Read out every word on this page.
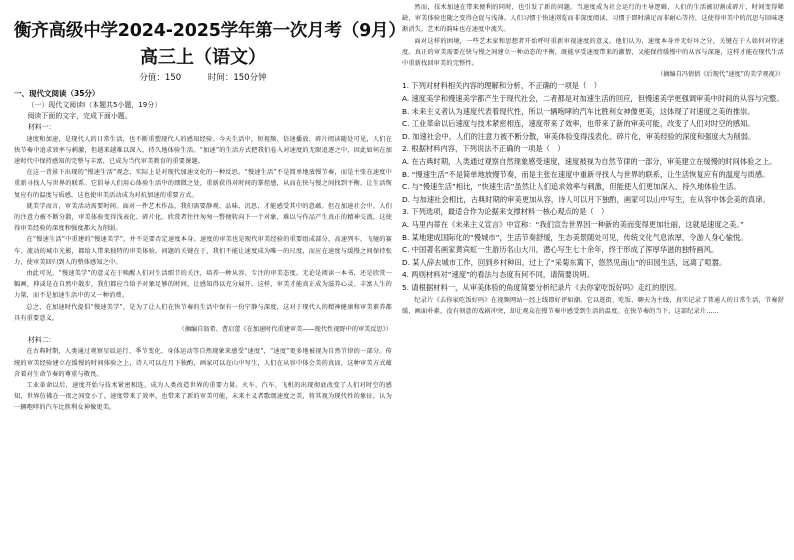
衡齐高级中学2024-2025学年第一次月考（9月）
高三上（语文）
分值：150	时间：150分钟
一、现代文阅读（35分）

（一）现代文阅读Ⅰ（本题共5小题，19分）

阅读下面的文字，完成下面小题。

材料一：

速度和加速，是现代人的日常生活，也不断重塑现代人的感知经验。今天生活中，短视频、倍速播放、碎片阅读随处可见，人们在快节奏中追求效率与刺激，但越来越难以深入、持久地体验生活。“加速”的生活方式把我们卷入对速度的无限追逐之中，因此如何在加速时代中保持感知的完整与丰富，已成为当代审美教育的重要课题。

在这一背景下出现的“慢速生活”观念，实际上是对现代加速文化的一种反思。“慢速生活”不是简单地放慢节奏，而是主张在速度中重新寻找人与世界的联系。它倡导人们用心体验生活中的细微之处，重新获得对时间的掌控感，从而在快与慢之间找到平衡，让生活恢复应有的温度与质感，这也使审美活动成为对抗加速的重要方式。

就美学而言，审美活动需要时间。面对一件艺术作品，我们需要静观、品味、沉思，才能感受其中的意蕴。但在加速社会中，人们的注意力被不断分散，审美体验变得浅表化、碎片化。欣赏者往往匆匆一瞥便转向下一个对象，难以与作品产生真正的精神交流，这使得审美经验的深度和强度都大为削弱。

在“慢速生活”中重建的“慢速美学”，并不是要否定速度本身。速度的审美也是现代审美经验的重要组成部分，高速列车、飞驰的赛车、流动的城市光影，都给人带来独特的审美体验。问题的关键在于，我们不能让速度成为唯一的尺度，而应在速度与缓慢之间保持张力，使审美回归到人的整体感知之中。

由此可见，“慢速美学”的意义在于唤醒人们对生活细节的关注，培养一种从容、专注的审美态度。无论是阅读一本书，还是欣赏一幅画，抑或是在自然中散步，我们都应当给予对象足够的时间，让感知得以充分展开。这样，审美才能真正成为滋养心灵、丰富人生的力量，而不是加速生活中的又一种消费。

总之，在加速时代提倡“慢速美学”，是为了让人们在快节奏的生活中保有一份宁静与深度，这对于现代人的精神健康和审美素养都具有重要意义。

（摘编自翁希、曹启蕾《在加速时代重建审美——现代性视野中的审美反思》）

材料二：

在古典时期，人类通过观察星辰运行、季节变化、身体运动等自然现象来感受“速度”，“速度”更多地被视为自然节律的一部分。传统的审美经验建立在缓慢的时间体验之上，诗人可以在月下独酌，画家可以在山中写生，人们在从容中体会美的真谛，这种审美方式蕴含着对生命节奏的尊重与敬畏。

工业革命以后，速度开始与技术紧密相连，成为人类改造世界的重要力量。火车、汽车、飞机的出现彻底改变了人们对时空的感知，世界仿佛在一夜之间变小了。速度带来了效率，也带来了新的审美可能，未来主义者歌颂速度之美，将其视为现代性的象征，认为一辆咆哮的汽车比胜利女神像更美。

然而，技术加速在带来便利的同时，也引发了新的问题。当速度成为社会运行的主导逻辑，人们的生活被切割成碎片，时间变得稀缺，审美体验也随之变得仓促与浅薄。人们习惯于快速浏览而非深度阅读，习惯于即时满足而非耐心等待，这使得审美中的沉思与回味逐渐消失，艺术的韵味也在速度中流失。

面对这样的困境，一些艺术家和思想者开始呼吁重新审视速度的意义。他们认为，速度本身并无好坏之分，关键在于人如何对待速度。真正的审美需要在快与慢之间建立一种动态的平衡，既能享受速度带来的激情，又能保持缓慢中的从容与深邃，这样才能在现代生活中重新找回审美的完整性。

（摘编自冯倩倩《后现代“速度”的美学观视》）

1. 下列对材料相关内容的理解和分析，不正确的一项是（　）

A. 速度美学和慢速美学都产生于现代社会，二者都是对加速生活的回应，但慢速美学更强调审美中时间的从容与完整。

B. 未来主义者认为速度代表着现代性，所以一辆咆哮的汽车比胜利女神像更美，这体现了对速度之美的推崇。

C. 工业革命以后速度与技术紧密相连，速度带来了效率，也带来了新的审美可能，改变了人们对时空的感知。

D. 加速社会中，人们的注意力被不断分散，审美体验变得浅表化、碎片化，审美经验的深度和强度大为削弱。

2. 根据材料内容，下列说法不正确的一项是（　）

A. 在古典时期，人类通过观察自然现象感受速度，速度被视为自然节律的一部分，审美建立在缓慢的时间体验之上。

B. “慢速生活”不是简单地放慢节奏，而是主张在速度中重新寻找人与世界的联系，让生活恢复应有的温度与质感。

C. 与“慢速生活”相比，“快速生活”虽然让人们追求效率与刺激，但能使人们更加深入、持久地体验生活。

D. 与加速社会相比，古典时期的审美更加从容，诗人可以月下独酌，画家可以山中写生，在从容中体会美的真谛。

3. 下列选项，最适合作为论据来支撑材料一核心观点的是（　）

A. 马里内蒂在《未来主义宣言》中宣称：“我们宣告世界因一种新的美而变得更加壮丽，这就是速度之美。”

B. 某地建成国际化的“慢城市”，生活节奏舒缓，生态美景随处可见，传统文化气息浓厚，令游人身心愉悦。

C. 中国著名画家黄宾虹一生游历名山大川，潜心写生七十余年，终于形成了浑厚华滋的独特画风。

D. 某人辞去城市工作，回到乡村种田，过上了“采菊东篱下，悠然见南山”的田园生活，远离了喧嚣。

4. 两则材料对“速度”的看法与态度有何不同，请简要说明。

5. 请根据材料一，从审美体验的角度简要分析纪录片《去你家吃饭好吗》走红的原因。

纪录片《去你家吃饭好吗》在视频网站一经上线即好评如潮。它以逛街、吃饭、聊天为主线，真实记录了普通人的日常生活，节奏舒缓，画面朴素，没有刻意的戏剧冲突，却让观众在慢节奏中感受到生活的温度。在快节奏的当下，这部纪录片……
